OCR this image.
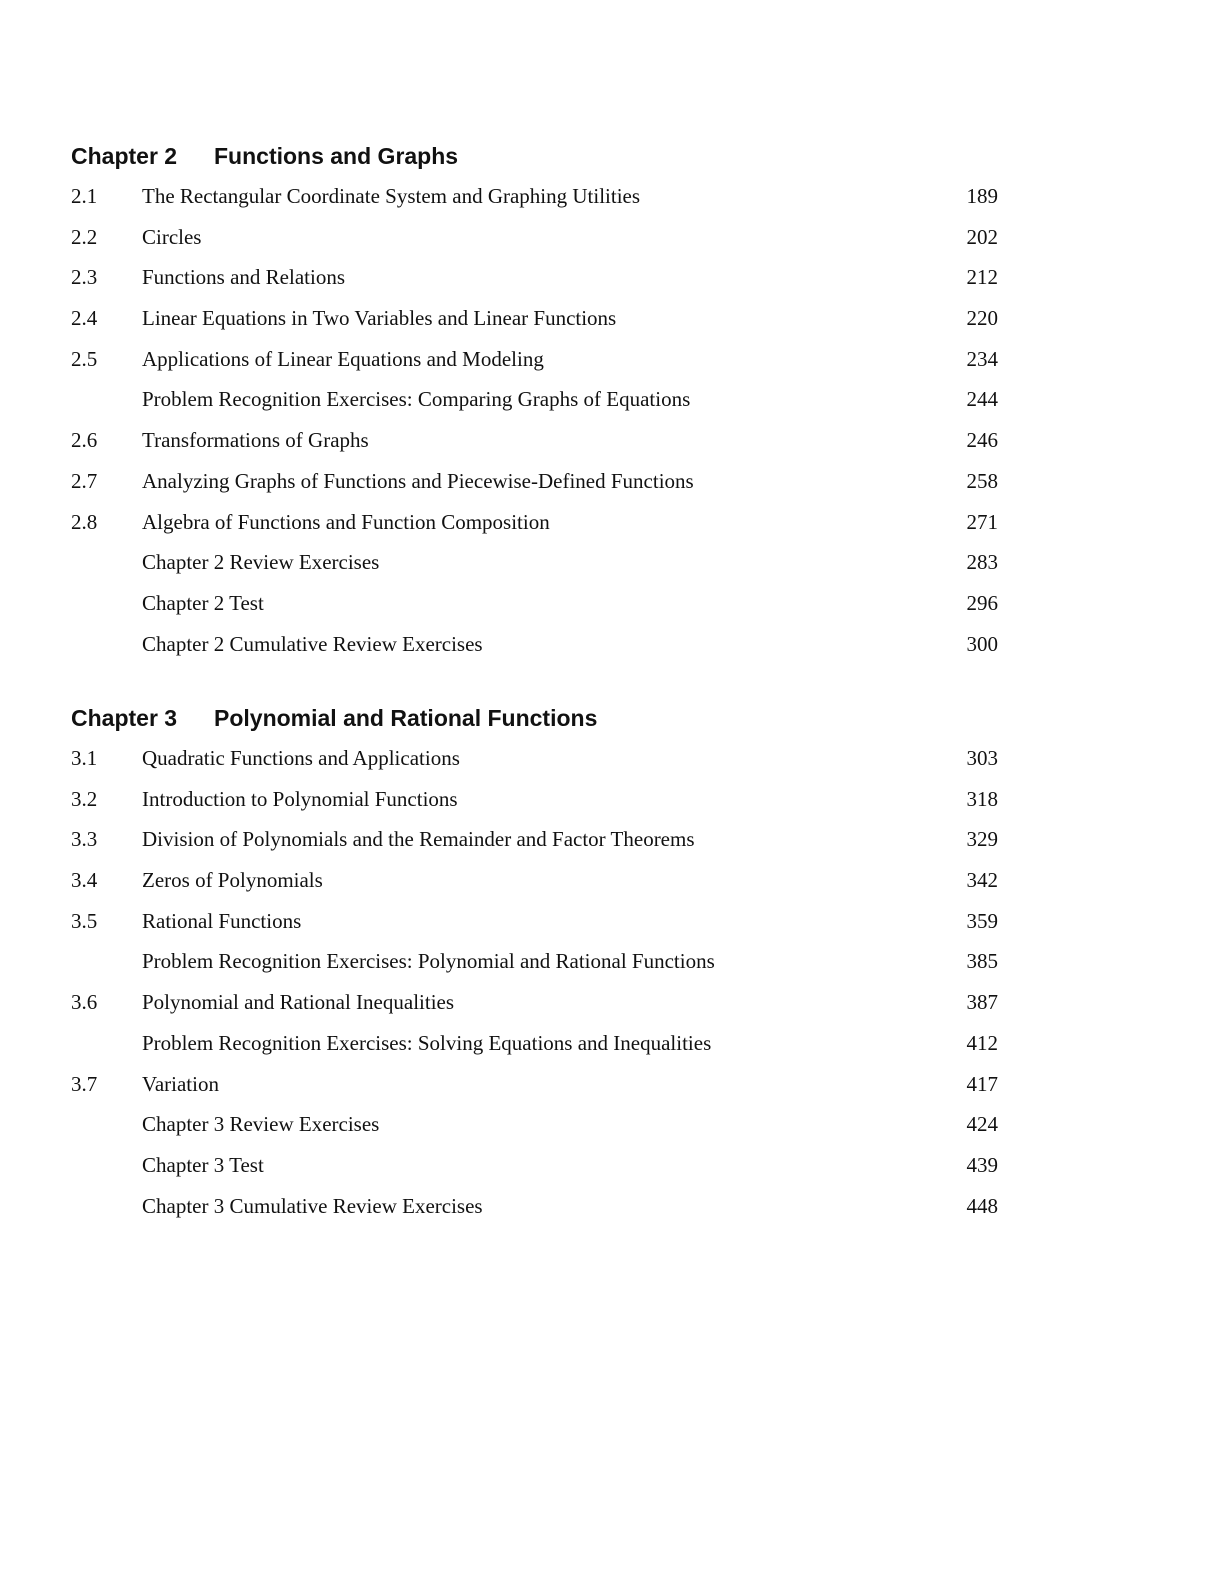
Chapter 2 Functions and Graphs
2.1 The Rectangular Coordinate System and Graphing Utilities	189
2.2 Circles	202
2.3 Functions and Relations	212
2.4 Linear Equations in Two Variables and Linear Functions	220
2.5 Applications of Linear Equations and Modeling	234
Problem Recognition Exercises: Comparing Graphs of Equations	244
2.6 Transformations of Graphs	246
2.7 Analyzing Graphs of Functions and Piecewise-Defined Functions	258
2.8 Algebra of Functions and Function Composition	271
Chapter 2 Review Exercises	283
Chapter 2 Test	296
Chapter 2 Cumulative Review Exercises	300
Chapter 3 Polynomial and Rational Functions
3.1 Quadratic Functions and Applications	303
3.2 Introduction to Polynomial Functions	318
3.3 Division of Polynomials and the Remainder and Factor Theorems	329
3.4 Zeros of Polynomials	342
3.5 Rational Functions	359
Problem Recognition Exercises: Polynomial and Rational Functions	385
3.6 Polynomial and Rational Inequalities	387
Problem Recognition Exercises: Solving Equations and Inequalities	412
3.7 Variation	417
Chapter 3 Review Exercises	424
Chapter 3 Test	439
Chapter 3 Cumulative Review Exercises	448
